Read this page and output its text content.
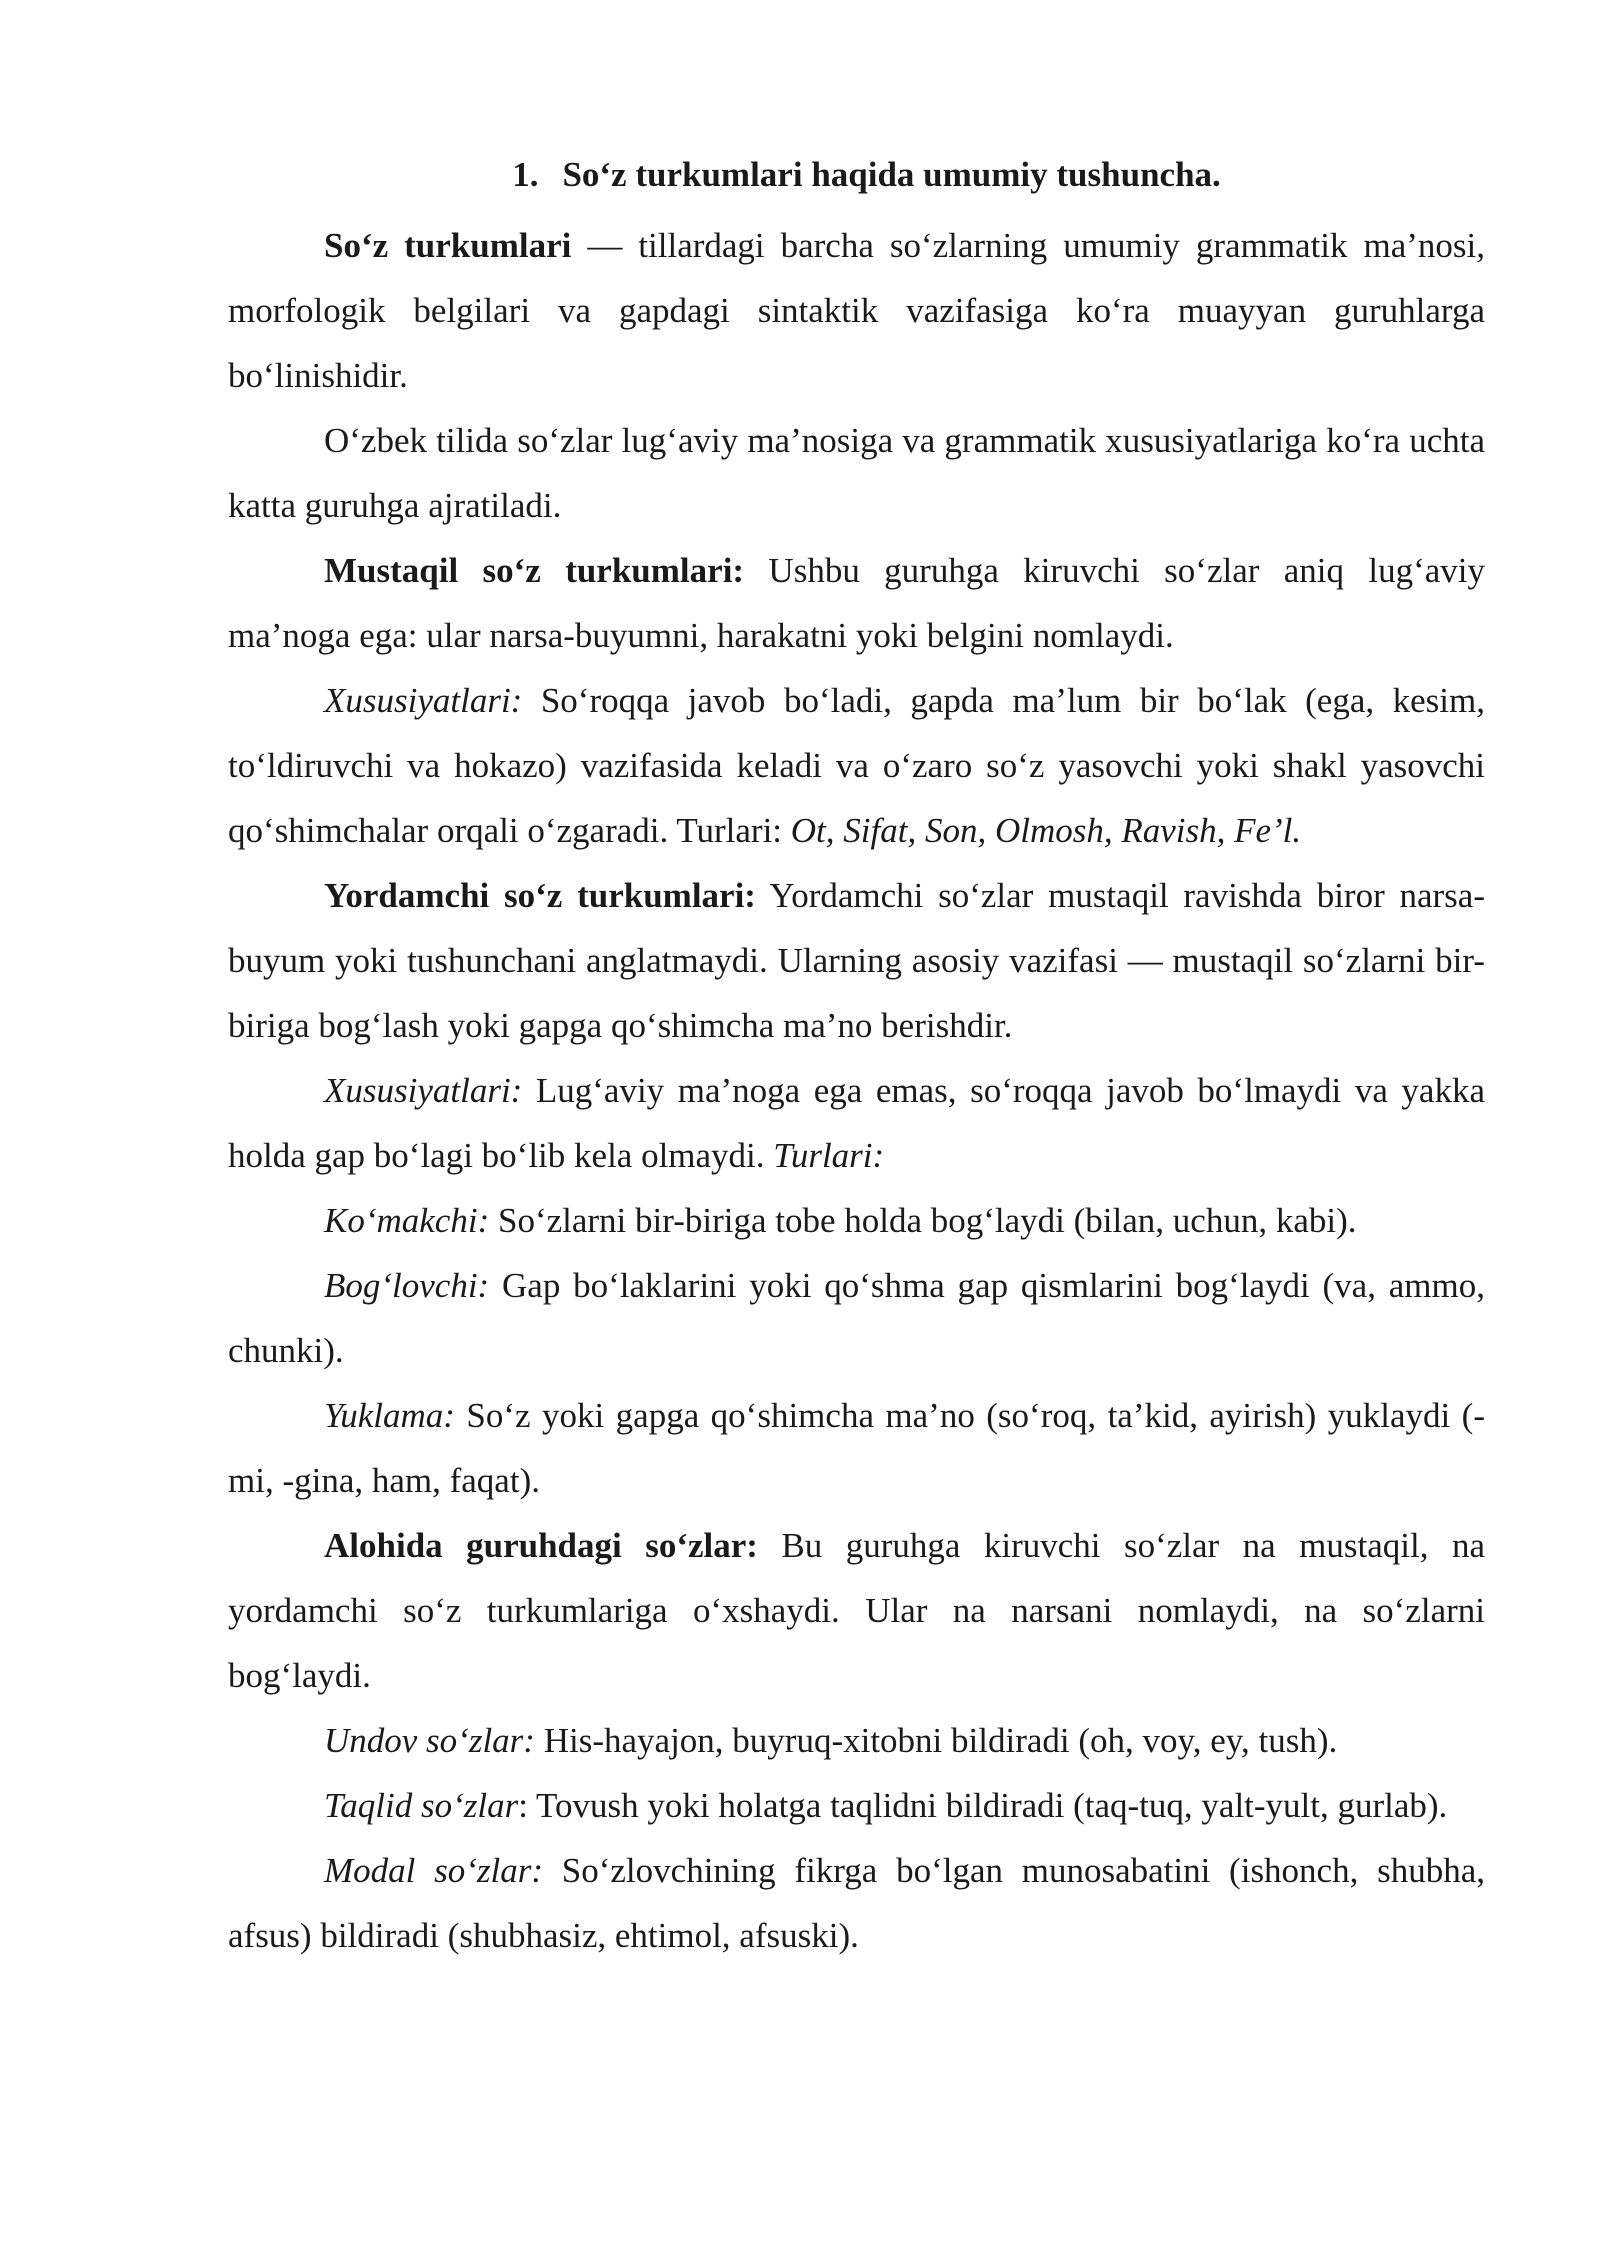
1. So‘z turkumlari haqida umumiy tushuncha.

So‘z turkumlari — tillardagi barcha so‘zlarning umumiy grammatik ma’nosi, morfologik belgilari va gapdagi sintaktik vazifasiga ko‘ra muayyan guruhlarga bo‘linishidir.

O‘zbek tilida so‘zlar lug‘aviy ma’nosiga va grammatik xususiyatlariga ko‘ra uchta katta guruhga ajratiladi.

Mustaqil so‘z turkumlari: Ushbu guruhga kiruvchi so‘zlar aniq lug‘aviy ma’noga ega: ular narsa-buyumni, harakatni yoki belgini nomlaydi.

Xususiyatlari: So‘roqqa javob bo‘ladi, gapda ma’lum bir bo‘lak (ega, kesim, to‘ldiruvchi va hokazo) vazifasida keladi va o‘zaro so‘z yasovchi yoki shakl yasovchi qo‘shimchalar orqali o‘zgaradi. Turlari: Ot, Sifat, Son, Olmosh, Ravish, Fe’l.

Yordamchi so‘z turkumlari: Yordamchi so‘zlar mustaqil ravishda biror narsa-buyum yoki tushunchani anglatmaydi. Ularning asosiy vazifasi — mustaqil so‘zlarni bir-biriga bog‘lash yoki gapga qo‘shimcha ma’no berishdir.

Xususiyatlari: Lug‘aviy ma’noga ega emas, so‘roqqa javob bo‘lmaydi va yakka holda gap bo‘lagi bo‘lib kela olmaydi. Turlari:

Ko‘makchi: So‘zlarni bir-biriga tobe holda bog‘laydi (bilan, uchun, kabi).

Bog‘lovchi: Gap bo‘laklarini yoki qo‘shma gap qismlarini bog‘laydi (va, ammo, chunki).

Yuklama: So‘z yoki gapga qo‘shimcha ma’no (so‘roq, ta’kid, ayirish) yuklaydi (-mi, -gina, ham, faqat).

Alohida guruhdagi so‘zlar: Bu guruhga kiruvchi so‘zlar na mustaqil, na yordamchi so‘z turkumlariga o‘xshaydi. Ular na narsani nomlaydi, na so‘zlarni bog‘laydi.

Undov so‘zlar: His-hayajon, buyruq-xitobni bildiradi (oh, voy, ey, tush).

Taqlid so‘zlar: Tovush yoki holatga taqlidni bildiradi (taq-tuq, yalt-yult, gurlab).

Modal so‘zlar: So‘zlovchining fikrga bo‘lgan munosabatini (ishonch, shubha, afsus) bildiradi (shubhasiz, ehtimol, afsuski).
